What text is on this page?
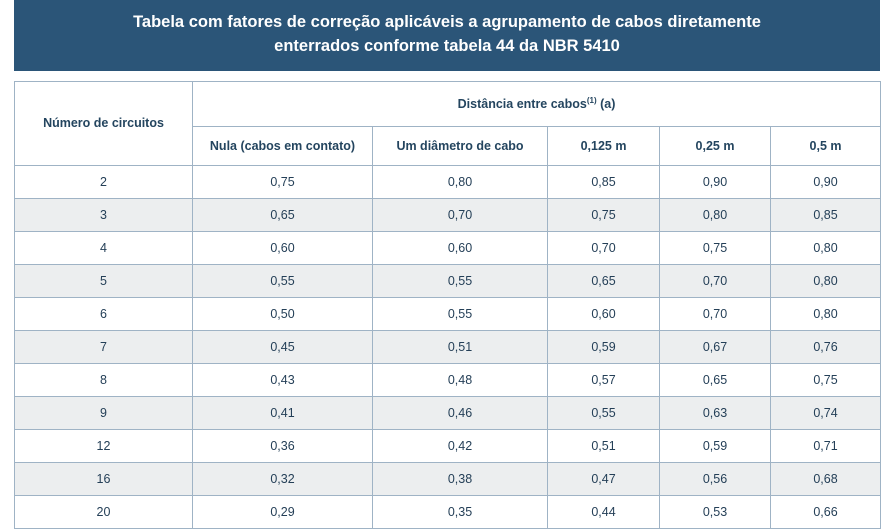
Tabela com fatores de correção aplicáveis a agrupamento de cabos diretamente
enterrados conforme tabela 44 da NBR 5410
Número de circuitos	Distância entre cabos$^{(1)}$ (a)				
	Nula (cabos em contato)	Um diâmetro de cabo	0,125 m	0,25 m	0,5 m
2	0,75	0,80	0,85	0,90	0,90
3	0,65	0,70	0,75	0,80	0,85
4	0,60	0,60	0,70	0,75	0,80
5	0,55	0,55	0,65	0,70	0,80
6	0,50	0,55	0,60	0,70	0,80
7	0,45	0,51	0,59	0,67	0,76
8	0,43	0,48	0,57	0,65	0,75
9	0,41	0,46	0,55	0,63	0,74
12	0,36	0,42	0,51	0,59	0,71
16	0,32	0,38	0,47	0,56	0,68
20	0,29	0,35	0,44	0,53	0,66
